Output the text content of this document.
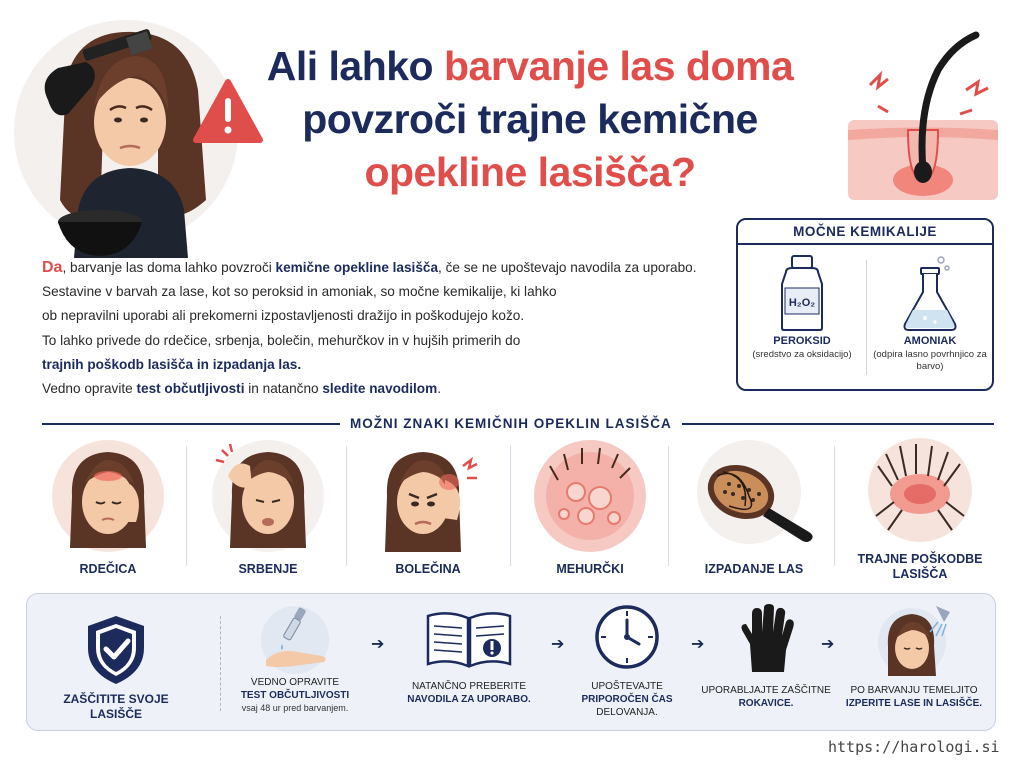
Ali lahko barvanje las doma
povzroči trajne kemične
opekline lasišča?

Da, barvanje las doma lahko povzroči kemične opekline lasišča, če se ne upoštevajo navodila za uporabo.

Sestavine v barvah za lase, kot so peroksid in amoniak, so močne kemikalije, ki lahko

ob nepravilni uporabi ali prekomerni izpostavljenosti dražijo in poškodujejo kožo.

To lahko privede do rdečice, srbenja, bolečin, mehurčkov in v hujših primerih do

trajnih poškodb lasišča in izpadanja las.

Vedno opravite test občutljivosti in natančno sledite navodilom.

MOČNE KEMIKALIJE
H₂O₂
PEROKSID
(sredstvo za oksidacijo)
AMONIAK
(odpira lasno povrhnjico za barvo)
MOŽNI ZNAKI KEMIČNIH OPEKLIN LASIŠČA
RDEČICA	SRBENJE	BOLEČINA	MEHURČKI	IZPADANJE LAS
TRAJNE POŠKODBE LASIŠČA
ZAŠČITITE SVOJE LASIŠČE
VEDNO OPRAVITE
TEST OBČUTLJIVOSTI
vsaj 48 ur pred barvanjem.
➔
NATANČNO PREBERITE
NAVODILA ZA UPORABO.
➔
UPOŠTEVAJTE
PRIPOROČEN ČAS
DELOVANJA.
➔
UPORABLJAJTE ZAŠČITNE
ROKAVICE.
➔
PO BARVANJU TEMELJITO
IZPERITE LASE IN LASIŠČE.
https://harologi.si
